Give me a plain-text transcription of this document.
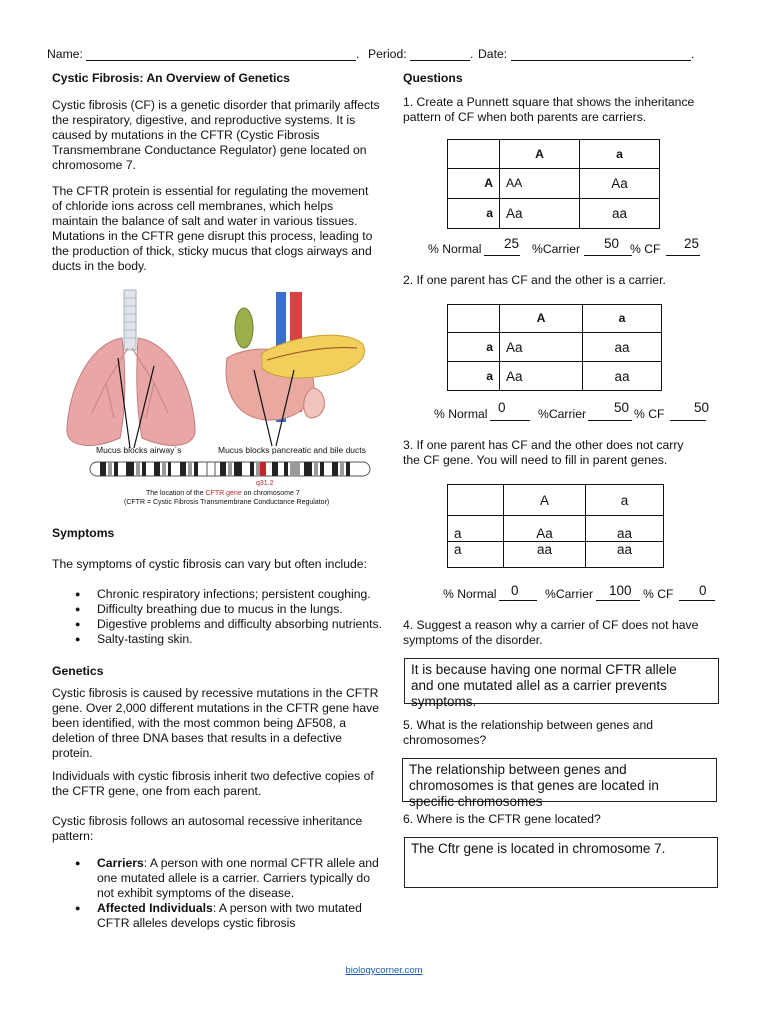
Name:	. Period:	. Date:	.
Cystic Fibrosis: An Overview of Genetics
Cystic fibrosis (CF) is a genetic disorder that primarily affects
the respiratory, digestive, and reproductive systems. It is
caused by mutations in the CFTR (Cystic Fibrosis
Transmembrane Conductance Regulator) gene located on
chromosome 7.
The CFTR protein is essential for regulating the movement
of chloride ions across cell membranes, which helps
maintain the balance of salt and water in various tissues.
Mutations in the CFTR gene disrupt this process, leading to
the production of thick, sticky mucus that clogs airways and
ducts in the body.
Mucus blocks airway`s	Mucus blocks pancreatic and bile ducts
q31.2
The location of the CFTR gene on chromosome 7
(CFTR = Cystic Fibrosis Transmembrane Conductance Regulator)
Symptoms
The symptoms of cystic fibrosis can vary but often include:
● Chronic respiratory infections; persistent coughing.
● Difficulty breathing due to mucus in the lungs.
● Digestive problems and difficulty absorbing nutrients.
● Salty-tasting skin.
Genetics
Cystic fibrosis is caused by recessive mutations in the CFTR
gene. Over 2,000 different mutations in the CFTR gene have
been identified, with the most common being ΔF508, a
deletion of three DNA bases that results in a defective
protein.
Individuals with cystic fibrosis inherit two defective copies of
the CFTR gene, one from each parent.
Cystic fibrosis follows an autosomal recessive inheritance
pattern:
● Carriers: A person with one normal CFTR allele and
one mutated allele is a carrier. Carriers typically do
not exhibit symptoms of the disease.
● Affected Individuals: A person with two mutated
CFTR alleles develops cystic fibrosis
Questions
1. Create a Punnett square that shows the inheritance
pattern of CF when both parents are carriers.
	A	a
A	AA	Aa
a	Aa	aa
% Normal 25 %Carrier 50 % CF 25
2. If one parent has CF and the other is a carrier.
	A	a
a	Aa	aa
a	Aa	aa
% Normal 0	%Carrier 50 % CF 50
3. If one parent has CF and the other does not carry
the CF gene. You will need to fill in parent genes.
	A	a
a	Aa	aa
a	aa	aa
% Normal 0 %Carrier 100 % CF 0
4. Suggest a reason why a carrier of CF does not have
symptoms of the disorder.
It is because having one normal CFTR allele
and one mutated allel as a carrier prevents
symptoms.
5. What is the relationship between genes and
chromosomes?
The relationship between genes and
chromosomes is that genes are located in
specific chromosomes
6. Where is the CFTR gene located?
The Cftr gene is located in chromosome 7.
biologycorner.com
